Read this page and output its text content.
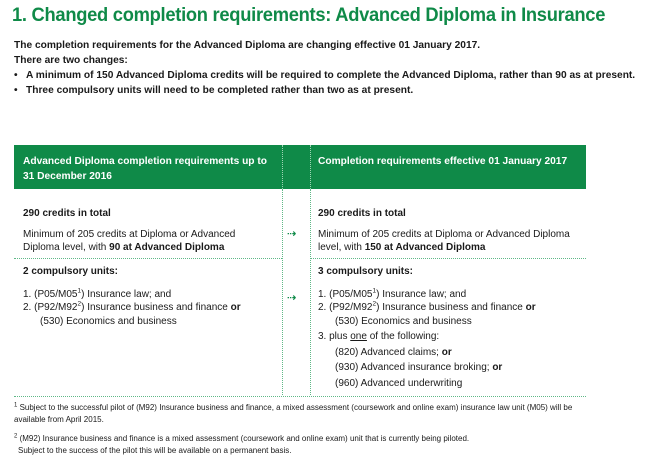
1. Changed completion requirements: Advanced Diploma in Insurance

The completion requirements for the Advanced Diploma are changing effective 01 January 2017.

There are two changes:

• A minimum of 150 Advanced Diploma credits will be required to complete the Advanced Diploma, rather than 90 as at present.

• Three compulsory units will need to be completed rather than two as at present.

Advanced Diploma completion requirements up to 31 December 2016
Completion requirements effective 01 January 2017

290 credits in total

Minimum of 205 credits at Diploma or Advanced Diploma level, with 90 at Advanced Diploma

⇢

290 credits in total

Minimum of 205 credits at Diploma or Advanced Diploma level, with 150 at Advanced Diploma

2 compulsory units:

1. $(P05/M05^1)$ Insurance law; and

2. $(P92/M92^2)$ Insurance business and finance or

(530) Economics and business

⇢

3 compulsory units:

1. $(P05/M05^1)$ Insurance law; and

2. $(P92/M92^2)$ Insurance business and finance or

(530) Economics and business

3. plus one of the following:

(820) Advanced claims; or

(930) Advanced insurance broking; or

(960) Advanced underwriting

$^1$ Subject to the successful pilot of (M92) Insurance business and finance, a mixed assessment (coursework and online exam) insurance law unit (M05) will be available from April 2015.

$^2$ (M92) Insurance business and finance is a mixed assessment (coursework and online exam) unit that is currently being piloted.

Subject to the success of the pilot this will be available on a permanent basis.
